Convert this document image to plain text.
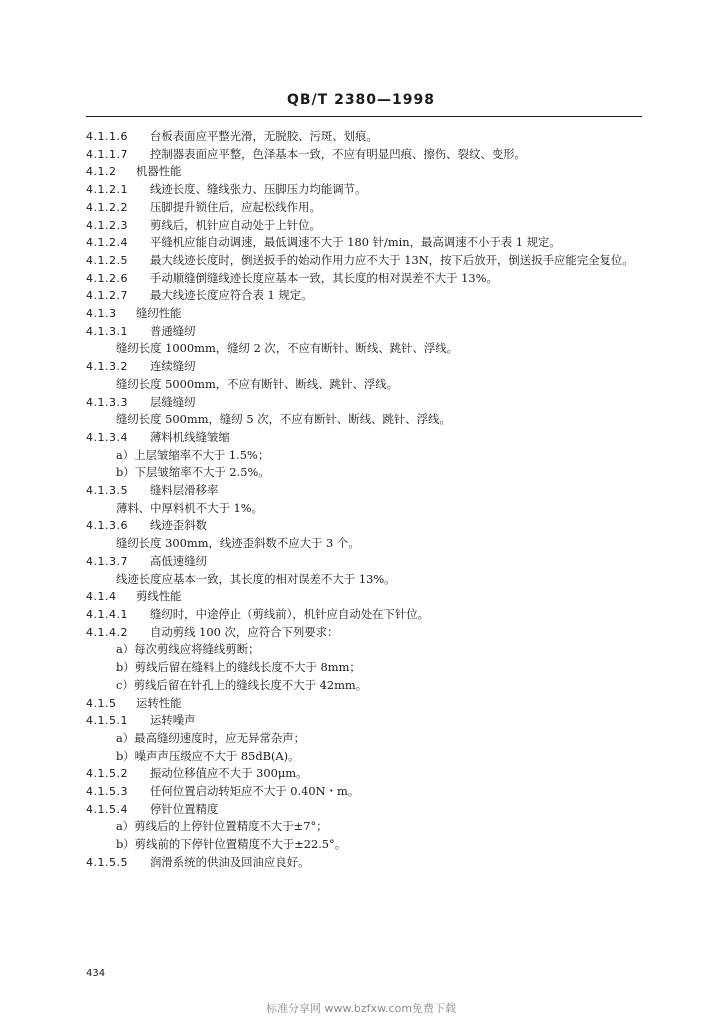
QB/T 2380—1998
4.1.1.6 台板表面应平整光滑，无脱胶、污斑、划痕。
4.1.1.7 控制器表面应平整，色泽基本一致，不应有明显凹痕、擦伤、裂纹、变形。
4.1.2 机器性能
4.1.2.1 线迹长度、缝线张力、压脚压力均能调节。
4.1.2.2 压脚提升锁住后，应起松线作用。
4.1.2.3 剪线后，机针应自动处于上针位。
4.1.2.4 平缝机应能自动调速，最低调速不大于 180 针/min，最高调速不小于表 1 规定。
4.1.2.5 最大线迹长度时，倒送扳手的始动作用力应不大于 13N，按下后放开，倒送扳手应能完全复位。
4.1.2.6 手动顺缝倒缝线迹长度应基本一致，其长度的相对误差不大于 13%。
4.1.2.7 最大线迹长度应符合表 1 规定。
4.1.3 缝纫性能
4.1.3.1 普通缝纫
缝纫长度 1000mm，缝纫 2 次，不应有断针、断线、跳针、浮线。
4.1.3.2 连续缝纫
缝纫长度 5000mm，不应有断针、断线、跳针、浮线。
4.1.3.3 层缝缝纫
缝纫长度 500mm，缝纫 5 次，不应有断针、断线、跳针、浮线。
4.1.3.4 薄料机线缝皱缩
a）上层皱缩率不大于 1.5%；
b）下层皱缩率不大于 2.5%。
4.1.3.5 缝料层滑移率
薄料、中厚料机不大于 1%。
4.1.3.6 线迹歪斜数
缝纫长度 300mm，线迹歪斜数不应大于 3 个。
4.1.3.7 高低速缝纫
线迹长度应基本一致，其长度的相对误差不大于 13%。
4.1.4 剪线性能
4.1.4.1 缝纫时，中途停止（剪线前），机针应自动处在下针位。
4.1.4.2 自动剪线 100 次，应符合下列要求：
a）每次剪线应将缝线剪断；
b）剪线后留在缝料上的缝线长度不大于 8mm；
c）剪线后留在针孔上的缝线长度不大于 42mm。
4.1.5 运转性能
4.1.5.1 运转噪声
a）最高缝纫速度时，应无异常杂声；
b）噪声声压级应不大于 85dB(A)。
4.1.5.2 振动位移值应不大于 300μm。
4.1.5.3 任何位置启动转矩应不大于 0.40N・m。
4.1.5.4 停针位置精度
a）剪线后的上停针位置精度不大于±7°；
b）剪线前的下停针位置精度不大于±22.5°。
4.1.5.5 润滑系统的供油及回油应良好。
434
标准分享网 www.bzfxw.com免费下载
